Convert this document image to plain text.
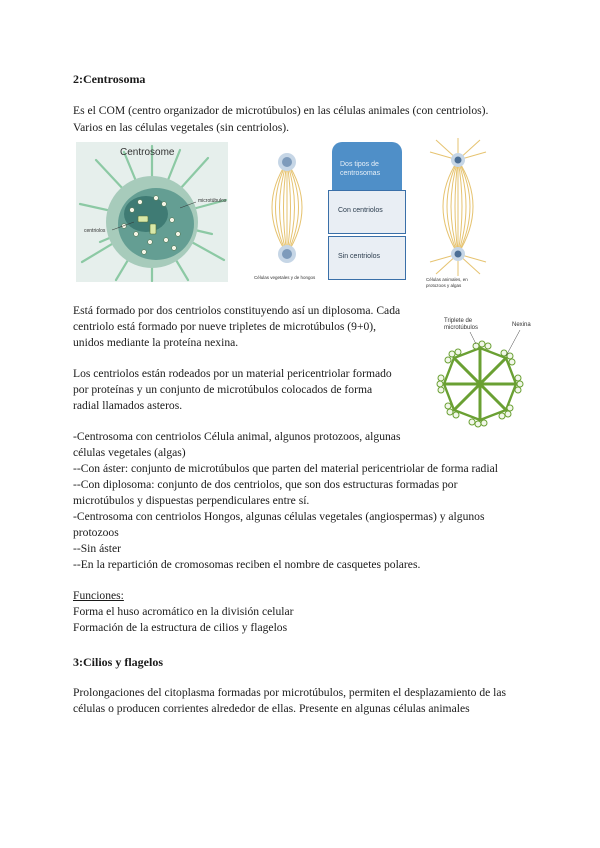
2:Centrosoma
Es el COM (centro organizador de microtúbulos) en las células animales (con centriolos).
Varios en las células vegetales (sin centriolos).
Centrosome
microtúbulos
centriolos
Células vegetales y de hongos
Dos tipos de
centrosomas
Con centriolos
Sin centriolos
Células animales, en
protozoos y algas
Está formado por dos centriolos constituyendo así un diplosoma. Cada
centriolo está formado por nueve tripletes de microtúbulos (9+0),
unidos mediante la proteína nexina.
Triplete de
microtúbulos	Nexina
Los centriolos están rodeados por un material pericentriolar formado
por proteínas y un conjunto de microtúbulos colocados de forma
radial llamados asteros.
-Centrosoma con centriolos Célula animal, algunos protozoos, algunas
células vegetales (algas)
--Con áster: conjunto de microtúbulos que parten del material pericentriolar de forma radial
--Con diplosoma: conjunto de dos centriolos, que son dos estructuras formadas por
microtúbulos y dispuestas perpendiculares entre sí.
-Centrosoma con centriolos Hongos, algunas células vegetales (angiospermas) y algunos
protozoos
--Sin áster
--En la repartición de cromosomas reciben el nombre de casquetes polares.
Funciones:
Forma el huso acromático en la división celular
Formación de la estructura de cilios y flagelos
3:Cilios y flagelos
Prolongaciones del citoplasma formadas por microtúbulos, permiten el desplazamiento de las
células o producen corrientes alrededor de ellas. Presente en algunas células animales
